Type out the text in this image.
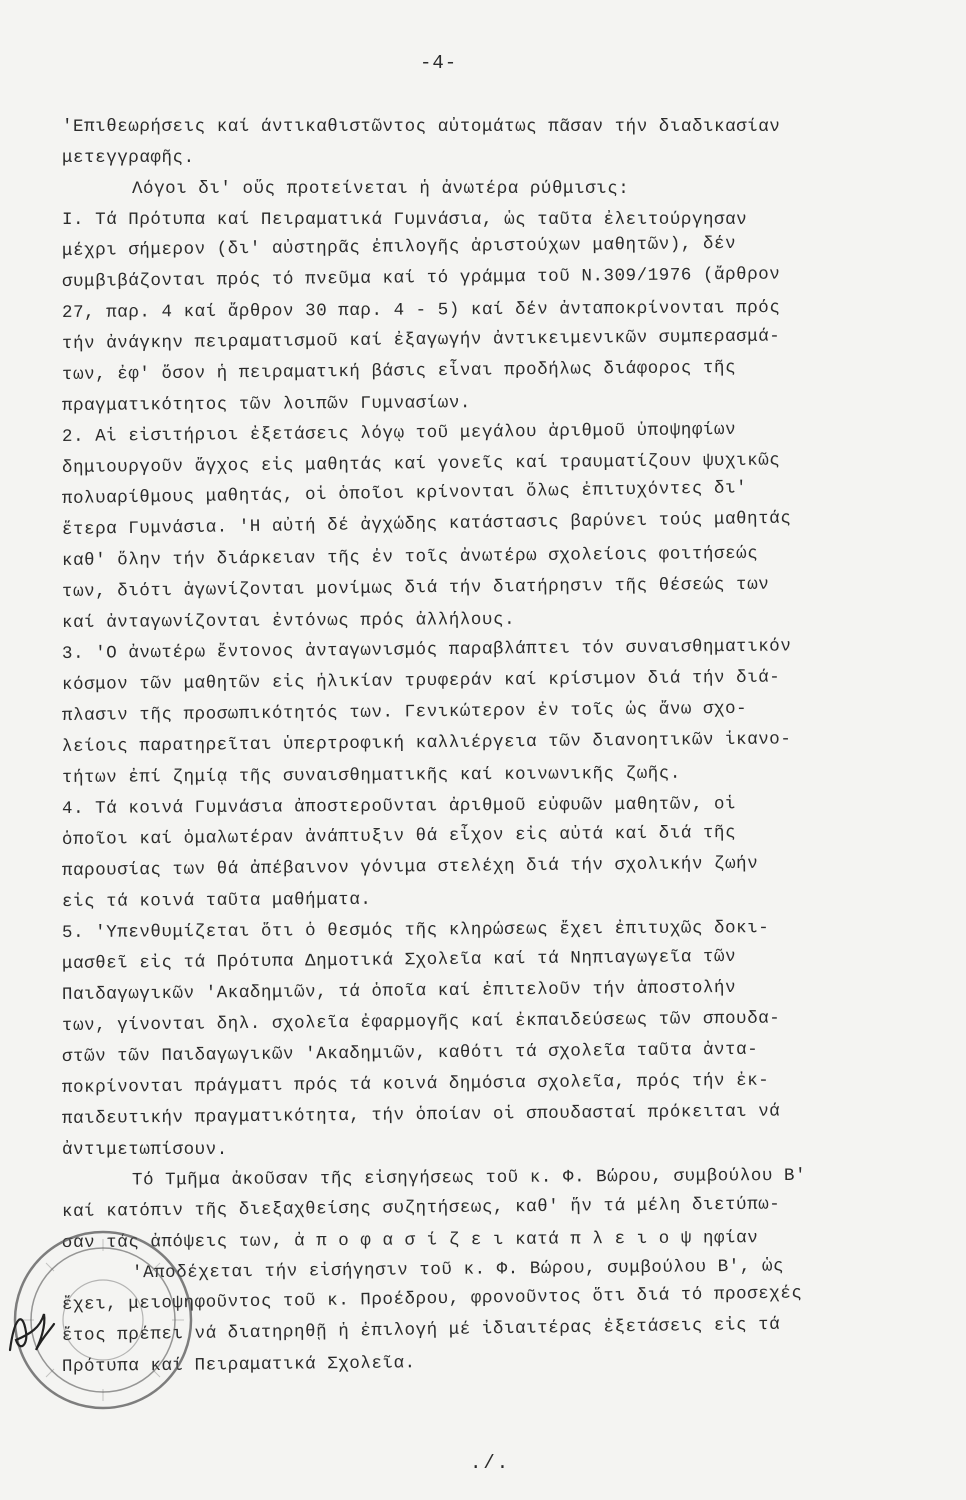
-4-
'Επιθεωρήσεις καί άντικαθιστῶντος αὐτομάτως πᾶσαν τήν διαδικασίαν
μετεγγραφῆς.
Λόγοι δι' οὕς προτείνεται ἡ ἀνωτέρα ρύθμισις:
Ι. Τά Πρότυπα καί Πειραματικά Γυμνάσια, ὡς ταῦτα ἐλειτούργησαν
μέχρι σήμερον (δι' αὐστηρᾶς ἐπιλογῆς ἀριστούχων μαθητῶν), δέν
συμβιβάζονται πρός τό πνεῦμα καί τό γράμμα τοῦ Ν.309/1976 (ἄρθρον
27, παρ. 4 καί ἄρθρον 30 παρ. 4 - 5) καί δέν ἀνταποκρίνονται πρός
τήν ἀνάγκην πειραματισμοῦ καί ἐξαγωγήν ἀντικειμενικῶν συμπερασμά-
των, ἐφ' ὅσον ἡ πειραματική βάσις εἶναι προδήλως διάφορος τῆς
πραγματικότητος τῶν λοιπῶν Γυμνασίων.
2. Αἱ εἰσιτήριοι ἐξετάσεις λόγῳ τοῦ μεγάλου ἀριθμοῦ ὑποψηφίων
δημιουργοῦν ἄγχος εἰς μαθητάς καί γονεῖς καί τραυματίζουν ψυχικῶς
πολυαρίθμους μαθητάς, οἱ ὁποῖοι κρίνονται ὅλως ἐπιτυχόντες δι'
ἕτερα Γυμνάσια. 'Η αὐτή δέ ἀγχώδης κατάστασις βαρύνει τούς μαθητάς
καθ' ὅλην τήν διάρκειαν τῆς ἐν τοῖς ἀνωτέρω σχολείοις φοιτήσεώς
των, διότι ἀγωνίζονται μονίμως διά τήν διατήρησιν τῆς θέσεώς των
καί ἀνταγωνίζονται ἐντόνως πρός ἀλλήλους.
3. 'Ο ἀνωτέρω ἔντονος ἀνταγωνισμός παραβλάπτει τόν συναισθηματικόν
κόσμον τῶν μαθητῶν εἰς ἡλικίαν τρυφεράν καί κρίσιμον διά τήν διά-
πλασιν τῆς προσωπικότητός των. Γενικώτερον ἐν τοῖς ὡς ἄνω σχο-
λείοις παρατηρεῖται ὑπερτροφική καλλιέργεια τῶν διανοητικῶν ἱκανο-
τήτων ἐπί ζημίᾳ τῆς συναισθηματικῆς καί κοινωνικῆς ζωῆς.
4. Τά κοινά Γυμνάσια ἀποστεροῦνται ἀριθμοῦ εὐφυῶν μαθητῶν, οἱ
ὁποῖοι καί ὁμαλωτέραν ἀνάπτυξιν θά εἶχον εἰς αὐτά καί διά τῆς
παρουσίας των θά ἀπέβαινον γόνιμα στελέχη διά τήν σχολικήν ζωήν
εἰς τά κοινά ταῦτα μαθήματα.
5. 'Υπενθυμίζεται ὅτι ὁ θεσμός τῆς κληρώσεως ἔχει ἐπιτυχῶς δοκι-
μασθεῖ εἰς τά Πρότυπα Δημοτικά Σχολεῖα καί τά Νηπιαγωγεῖα τῶν
Παιδαγωγικῶν 'Ακαδημιῶν, τά ὁποῖα καί ἐπιτελοῦν τήν ἀποστολήν
των, γίνονται δηλ. σχολεῖα ἐφαρμογῆς καί ἐκπαιδεύσεως τῶν σπουδα-
στῶν τῶν Παιδαγωγικῶν 'Ακαδημιῶν, καθότι τά σχολεῖα ταῦτα ἀντα-
ποκρίνονται πράγματι πρός τά κοινά δημόσια σχολεῖα, πρός τήν ἐκ-
παιδευτικήν πραγματικότητα, τήν ὁποίαν οἱ σπουδασταί πρόκειται νά
ἀντιμετωπίσουν.
Τό Τμῆμα ἀκοῦσαν τῆς εἰσηγήσεως τοῦ κ. Φ. Βώρου, συμβούλου Β'
καί κατόπιν τῆς διεξαχθείσης συζητήσεως, καθ' ἥν τά μέλη διετύπω-
σαν τάς ἀπόψεις των, ἀ π ο φ α σ ί ζ ε ι κατά π λ ε ι ο ψ ηφίαν
'Αποδέχεται τήν εἰσήγησιν τοῦ κ. Φ. Βώρου, συμβούλου Β', ὡς
ἔχει, μειοψηφοῦντος τοῦ κ. Προέδρου, φρονοῦντος ὅτι διά τό προσεχές
ἔτος πρέπει νά διατηρηθῇ ἡ ἐπιλογή μέ ἰδιαιτέρας ἐξετάσεις εἰς τά
Πρότυπα καί Πειραματικά Σχολεῖα.
./.
